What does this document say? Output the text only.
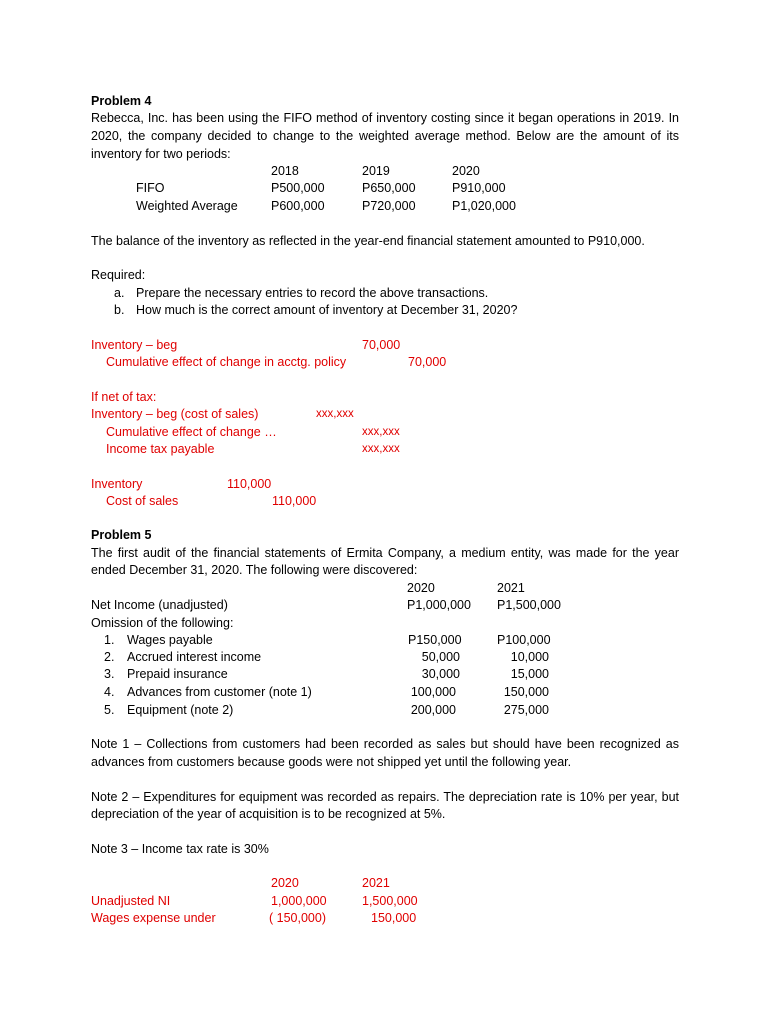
Problem 4
Rebecca, Inc. has been using the FIFO method of inventory costing since it began operations in 2019. In
2020, the company decided to change to the weighted average method. Below are the amount of its
inventory for two periods:
2018	2019	2020
FIFO	P500,000	P650,000	P910,000
Weighted Average	P600,000	P720,000	P1,020,000
The balance of the inventory as reflected in the year-end financial statement amounted to P910,000.
Required:
a. Prepare the necessary entries to record the above transactions.
b. How much is the correct amount of inventory at December 31, 2020?
Inventory – beg	70,000
Cumulative effect of change in acctg. policy	70,000
If net of tax:
Inventory – beg (cost of sales)	xxx,xxx
Cumulative effect of change …	xxx,xxx
Income tax payable	xxx,xxx
Inventory	110,000
Cost of sales	110,000
Problem 5
The first audit of the financial statements of Ermita Company, a medium entity, was made for the year
ended December 31, 2020. The following were discovered:
2020	2021
Net Income (unadjusted)	P1,000,000 P1,500,000
Omission of the following:
1. Wages payable	P150,000	P100,000
2. Accrued interest income	50,000	10,000
3. Prepaid insurance	30,000	15,000
4. Advances from customer (note 1)	100,000	150,000
5. Equipment (note 2)	200,000	275,000
Note 1 – Collections from customers had been recorded as sales but should have been recognized as
advances from customers because goods were not shipped yet until the following year.
Note 2 – Expenditures for equipment was recorded as repairs. The depreciation rate is 10% per year, but
depreciation of the year of acquisition is to be recognized at 5%.
Note 3 – Income tax rate is 30%
2020	2021
Unadjusted NI	1,000,000	1,500,000
Wages expense under	( 150,000)	150,000
